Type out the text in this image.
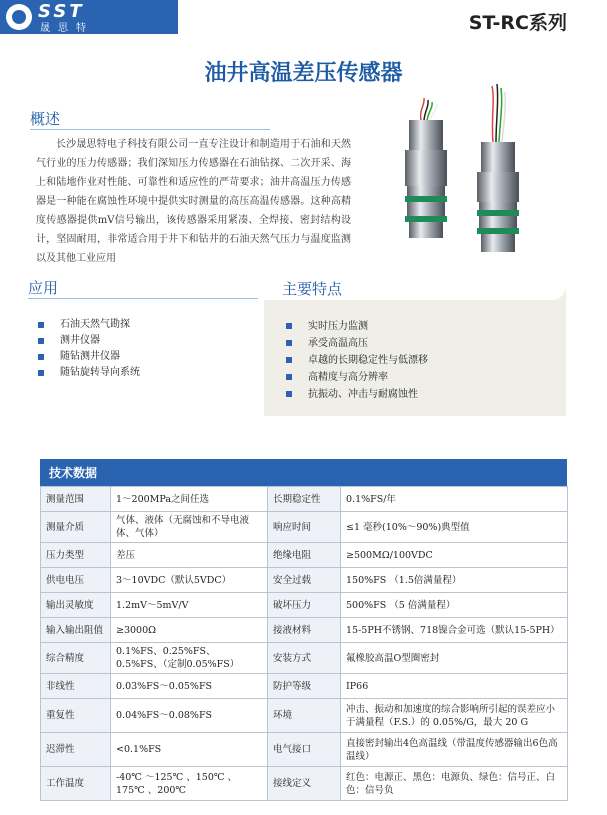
SST
晟思特	ST-RC系列
油井高温差压传感器
概述

长沙晟思特电子科技有限公司一直专注设计和制造用于石油和天然气行业的压力传感器；我们深知压力传感器在石油钻探、二次开采、海上和陆地作业对性能、可靠性和适应性的严苛要求；油井高温压力传感器是一种能在腐蚀性环境中提供实时测量的高压高温传感器。这种高精度传感器提供mV信号输出，该传感器采用紧凑、全焊接、密封结构设计，坚固耐用，非常适合用于井下和钻井的石油天然气压力与温度监测以及其他工业应用

应用
石油天然气勘探
测井仪器
随钻测井仪器
随钻旋转导向系统
主要特点
实时压力监测
承受高温高压
卓越的长期稳定性与低漂移
高精度与高分辨率
抗振动、冲击与耐腐蚀性
技术数据
测量范围	1～200MPa之间任选	长期稳定性	0.1%FS/年
测量介质	气体、液体（无腐蚀和不导电液体、气体）	响应时间	≤1 毫秒(10%～90%)典型值
压力类型	差压	绝缘电阻	≥500MΩ/100VDC
供电电压	3～10VDC（默认5VDC）	安全过载	150%FS （1.5倍满量程）
输出灵敏度	1.2mV～5mV/V	破坏压力	500%FS （5 倍满量程）
输入输出阻值	≥3000Ω	接液材料	15-5PH不锈钢、718镍合金可选（默认15-5PH）
综合精度	0.1%FS、0.25%FS、0.5%FS、（定制0.05%FS）	安装方式	氟橡胶高温O型圈密封
非线性	0.03%FS～0.05%FS	防护等级	IP66
重复性	0.04%FS～0.08%FS	环境	冲击、振动和加速度的综合影响所引起的误差应小于满量程（F.S.）的 0.05%/G，最大 20 G
迟滞性	<0.1%FS	电气接口	直接密封输出4色高温线（带温度传感器输出6色高温线）
工作温度	-40℃ ～125℃ 、150℃ 、175℃ 、200℃	接线定义	红色：电源正、黑色：电源负、绿色：信号正、白色：信号负
